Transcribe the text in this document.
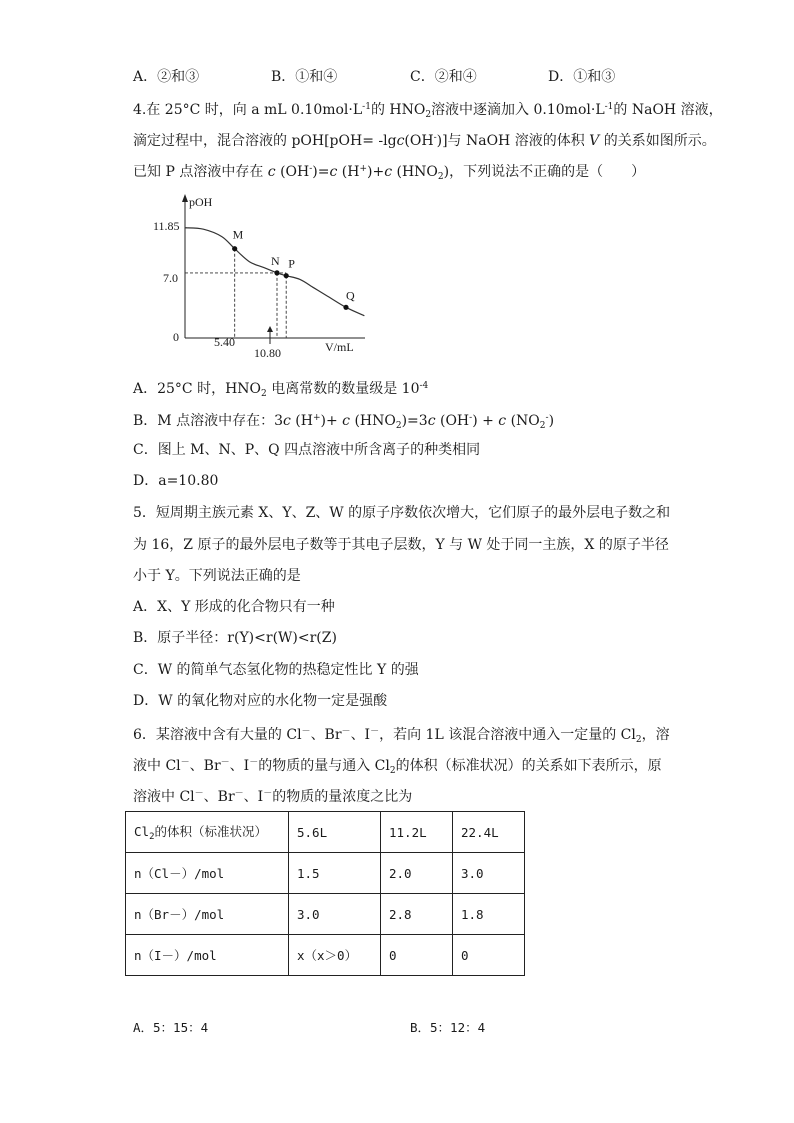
A．②和③	B．①和④	C．②和④	D．①和③
4.在 25°C 时，向 a mL $0.10mol\cdot L^{-1}$的 $HNO_2$溶液中逐滴加入 $0.10mol\cdot L^{-1}$的 NaOH 溶液，
滴定过程中，混合溶液的 pOH[pOH= -lgc(OH-)]与 NaOH 溶液的体积 V 的关系如图所示。
已知 P 点溶液中存在 c (OH-)=c (H+)+c $(HNO_2)$，下列说法不正确的是（　　）
pOH
V/mL
11.85
7.0
0	5.40
10.80
M
N P
Q
A．25°C 时，$HNO_2$ 电离常数的数量级是 $10^{-4}$
B．M 点溶液中存在：3c (H+)+ c $(HNO_2)=3c$ (OH-) + c $(NO_2^-)$
C．图上 M、N、P、Q 四点溶液中所含离子的种类相同
D．a=10.80
5．短周期主族元素 X、Y、Z、W 的原子序数依次增大，它们原子的最外层电子数之和
为 16，Z 原子的最外层电子数等于其电子层数，Y 与 W 处于同一主族，X 的原子半径
小于 Y。下列说法正确的是
A．X、Y 形成的化合物只有一种
B．原子半径：r(Y)<r(W)<r(Z)
C．W 的简单气态氢化物的热稳定性比 Y 的强
D．W 的氧化物对应的水化物一定是强酸
6．某溶液中含有大量的 Cl－、Br－、I－，若向 1L 该混合溶液中通入一定量的 $Cl_2$，溶
液中 Cl－、Br－、I－的物质的量与通入 $Cl_2$的体积（标准状况）的关系如下表所示，原
溶液中 Cl－、Br－、I－的物质的量浓度之比为
$Cl_2$的体积（标准状况）	5.6L	11.2L	22.4L
n（Cl－）/mol	1.5	2.0	3.0
n（Br－）/mol	3.0	2.8	1.8
n（I－）/mol	x（x＞0）	0	0
A．5：15：4	B．5：12：4
